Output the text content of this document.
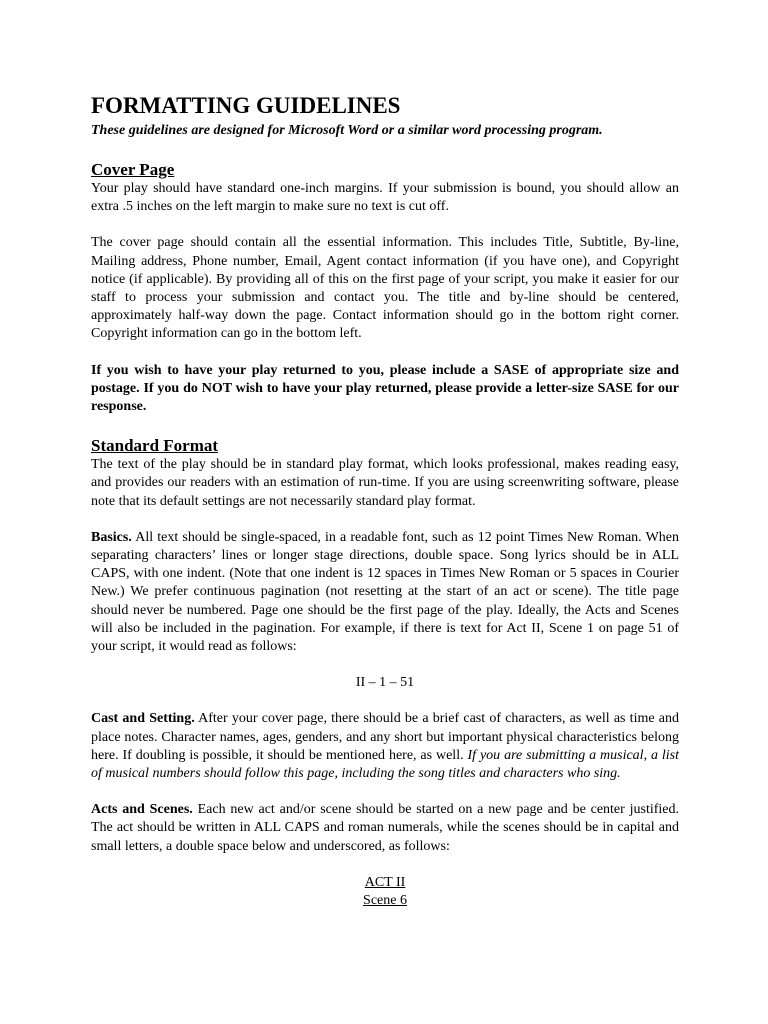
FORMATTING GUIDELINES

These guidelines are designed for Microsoft Word or a similar word processing program.

Cover Page

Your play should have standard one-inch margins. If your submission is bound, you should allow an extra .5 inches on the left margin to make sure no text is cut off.

The cover page should contain all the essential information. This includes Title, Subtitle, By-line, Mailing address, Phone number, Email, Agent contact information (if you have one), and Copyright notice (if applicable). By providing all of this on the first page of your script, you make it easier for our staff to process your submission and contact you. The title and by-line should be centered, approximately half-way down the page. Contact information should go in the bottom right corner. Copyright information can go in the bottom left.

If you wish to have your play returned to you, please include a SASE of appropriate size and postage. If you do NOT wish to have your play returned, please provide a letter-size SASE for our response.

Standard Format

The text of the play should be in standard play format, which looks professional, makes reading easy, and provides our readers with an estimation of run-time. If you are using screenwriting software, please note that its default settings are not necessarily standard play format.

Basics. All text should be single-spaced, in a readable font, such as 12 point Times New Roman. When separating characters’ lines or longer stage directions, double space. Song lyrics should be in ALL CAPS, with one indent. (Note that one indent is 12 spaces in Times New Roman or 5 spaces in Courier New.) We prefer continuous pagination (not resetting at the start of an act or scene). The title page should never be numbered. Page one should be the first page of the play. Ideally, the Acts and Scenes will also be included in the pagination. For example, if there is text for Act II, Scene 1 on page 51 of your script, it would read as follows:

II – 1 – 51

Cast and Setting. After your cover page, there should be a brief cast of characters, as well as time and place notes. Character names, ages, genders, and any short but important physical characteristics belong here. If doubling is possible, it should be mentioned here, as well. If you are submitting a musical, a list of musical numbers should follow this page, including the song titles and characters who sing.

Acts and Scenes. Each new act and/or scene should be started on a new page and be center justified. The act should be written in ALL CAPS and roman numerals, while the scenes should be in capital and small letters, a double space below and underscored, as follows:

ACT II
Scene 6
